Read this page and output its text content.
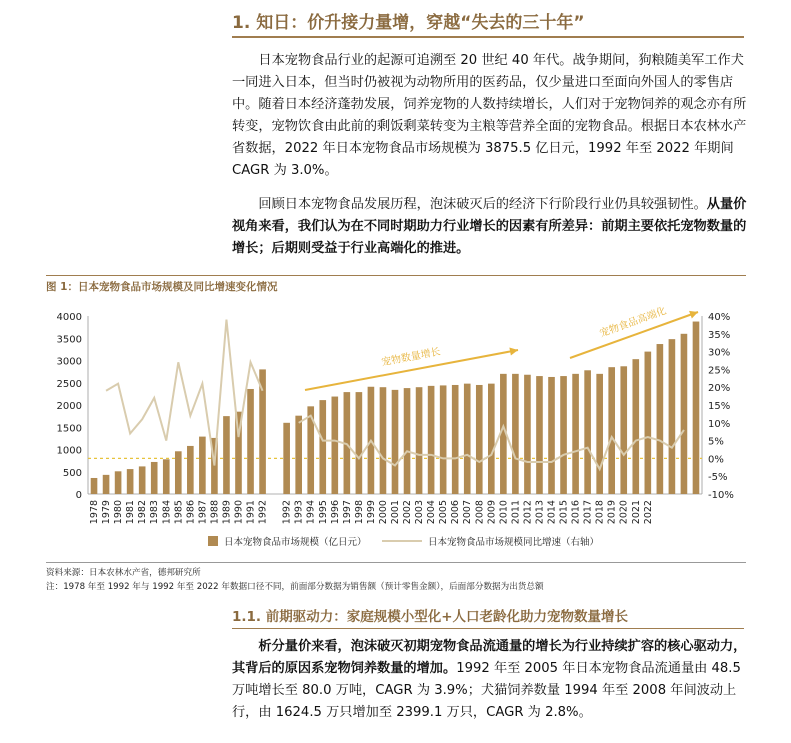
1. 知日：价升接力量增，穿越“失去的三十年”
日本宠物食品行业的起源可追溯至 20 世纪 40 年代。战争期间，狗粮随美军工作犬一同进入日本，但当时仍被视为动物所用的医药品，仅少量进口至面向外国人的零售店中。随着日本经济蓬勃发展，饲养宠物的人数持续增长，人们对于宠物饲养的观念亦有所转变，宠物饮食由此前的剩饭剩菜转变为主粮等营养全面的宠物食品。根据日本农林水产省数据，2022 年日本宠物食品市场规模为 3875.5 亿日元，1992 年至 2022 年期间 CAGR 为 3.0%。
回顾日本宠物食品发展历程，泡沫破灭后的经济下行阶段行业仍具较强韧性。从量价视角来看，我们认为在不同时期助力行业增长的因素有所差异：前期主要依托宠物数量的增长；后期则受益于行业高端化的推进。
图 1：日本宠物食品市场规模及同比增速变化情况
0
500
1000
1500
2000
2500
3000
3500
4000
-10%
-5%
0%
5%
10%
15%
20%
25%
30%
35%
40%
1978 1979 1980 1981 1982 1983 1984 1985 1986 1987 1988 1989 1990 1991 1992 1992 1993 1994 1995 1996 1997 1998 1999 2000 2001 2002 2003 2004 2005 2006 2007 2008 2009 2010 2011 2012 2013 2014 2015 2016 2017 2018 2019 2020 2021 2022
宠物数量增长
宠物食品高端化
日本宠物食品市场规模（亿日元）	日本宠物食品市场规模同比增速（右轴）
资料来源：日本农林水产省，德邦研究所
注：1978 年至 1992 年与 1992 年至 2022 年数据口径不同，前面部分数据为销售额（预计零售金额），后面部分数据为出货总额
1.1. 前期驱动力：家庭规模小型化+人口老龄化助力宠物数量增长
析分量价来看，泡沫破灭初期宠物食品流通量的增长为行业持续扩容的核心驱动力，其背后的原因系宠物饲养数量的增加。1992 年至 2005 年日本宠物食品流通量由 48.5 万吨增长至 80.0 万吨，CAGR 为 3.9%；犬猫饲养数量 1994 年至 2008 年间波动上行，由 1624.5 万只增加至 2399.1 万只，CAGR 为 2.8%。
